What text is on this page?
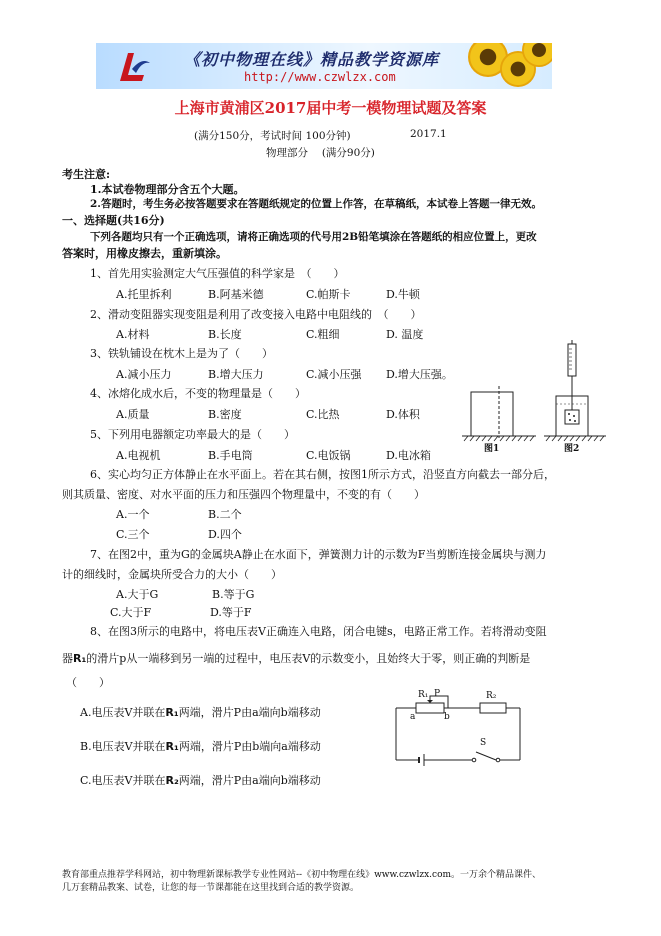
《初中物理在线》精品教学资源库
http://www.czwlzx.com
上海市黄浦区2017届中考一模物理试题及答案
(满分150分，考试时间 100分钟)	2017.1
物理部分　 (满分90分)
考生注意:
1.本试卷物理部分含五个大题。
2.答题时，考生务必按答题要求在答题纸规定的位置上作答，在草稿纸，本试卷上答题一律无效。
一、选择题(共16分)
下列各题均只有一个正确选项，请将正确选项的代号用2B铅笔填涂在答题纸的相应位置上，更改
答案时，用橡皮擦去，重新填涂。
1、首先用实验测定大气压强值的科学家是　（　　）
A.托里拆利	B.阿基米德	C.帕斯卡	D.牛顿
2、滑动变阻器实现变阻是利用了改变接入电路中电阻线的　（　　）
A.材料	B.长度	C.粗细	D. 温度
3、铁轨铺设在枕木上是为了（　　）
A.减小压力	B.增大压力	C.减小压强 D.增大压强。
4、冰熔化成水后，不变的物理量是（　　）
A.质量	B.密度	C.比热	D.体积
5、下列用电器额定功率最大的是（　　）
A.电视机	B.手电筒	C.电饭锅	D.电冰箱	图1	图2
6、实心均匀正方体静止在水平面上。若在其右侧，按图1所示方式，沿竖直方向截去一部分后，
则其质量、密度、对水平面的压力和压强四个物理量中，不变的有（　　）
A.一个	B.二个
C.三个	D.四个
7、在图2中，重为G的金属块A静止在水面下，弹簧测力计的示数为F当剪断连接金属块与测力
计的细线时，金属块所受合力的大小（　　）
A.大于G	B.等于G
C.大于F	D.等于F
8、在图3所示的电路中，将电压表V正确连入电路，闭合电键s，电路正常工作。若将滑动变阻
器R₁的滑片p从一端移到另一端的过程中，电压表V的示数变小，且始终大于零，则正确的判断是
（　　）
A.电压表V并联在R₁两端，滑片P由a端向b端移动
B.电压表V并联在R₁两端，滑片P由b端向a端移动
C.电压表V并联在R₂两端，滑片P由a端向b端移动
R₁ P	R₂
a	b
S
教育部重点推荐学科网站，初中物理新课标教学专业性网站--《初中物理在线》www.czwlzx.com。一万余个精品课件、
几万套精品教案、试卷，让您的每一节课都能在这里找到合适的教学资源。
